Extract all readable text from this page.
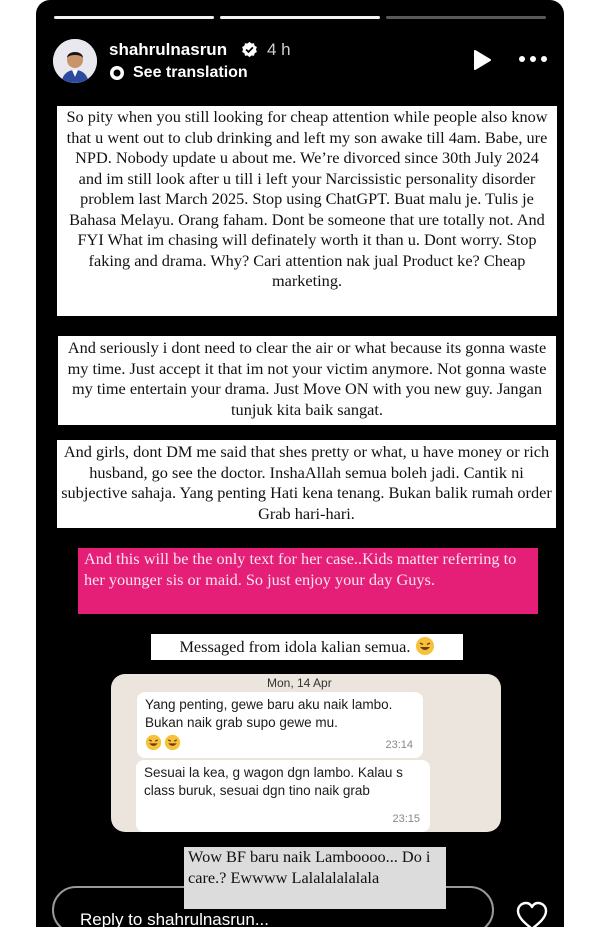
shahrulnasrun 4 h
See translation
So pity when you still looking for cheap attention while people also know that u went out to club drinking and left my son awake till 4am. Babe, ure NPD. Nobody update u about me. We’re divorced since 30th July 2024 and im still look after u till i left your Narcissistic personality disorder problem last March 2025. Stop using ChatGPT. Buat malu je. Tulis je Bahasa Melayu. Orang faham. Dont be someone that ure totally not. And FYI What im chasing will definately worth it than u. Dont worry. Stop faking and drama. Why? Cari attention nak jual Product ke? Cheap marketing.
And seriously i dont need to clear the air or what because its gonna waste my time. Just accept it that im not your victim anymore. Not gonna waste my time entertain your drama. Just Move ON with you new guy. Jangan tunjuk kita baik sangat.
And girls, dont DM me said that shes pretty or what, u have money or rich husband, go see the doctor. InshaAllah semua boleh jadi. Cantik ni subjective sahaja. Yang penting Hati kena tenang. Bukan balik rumah order Grab hari-hari.
And this will be the only text for her case..Kids matter referring to her younger sis or maid. So just enjoy your day Guys.
Messaged from idola kalian semua.
Mon, 14 Apr
Yang penting, gewe baru aku naik lambo. Bukan naik grab supo gewe mu.
23:14
Sesuai la kea, g wagon dgn lambo. Kalau s class buruk, sesuai dgn tino naik grab
23:15
Wow BF baru naik Lamboooo... Do i care.? Ewwww Lalalalalalala
Reply to shahrulnasrun...
